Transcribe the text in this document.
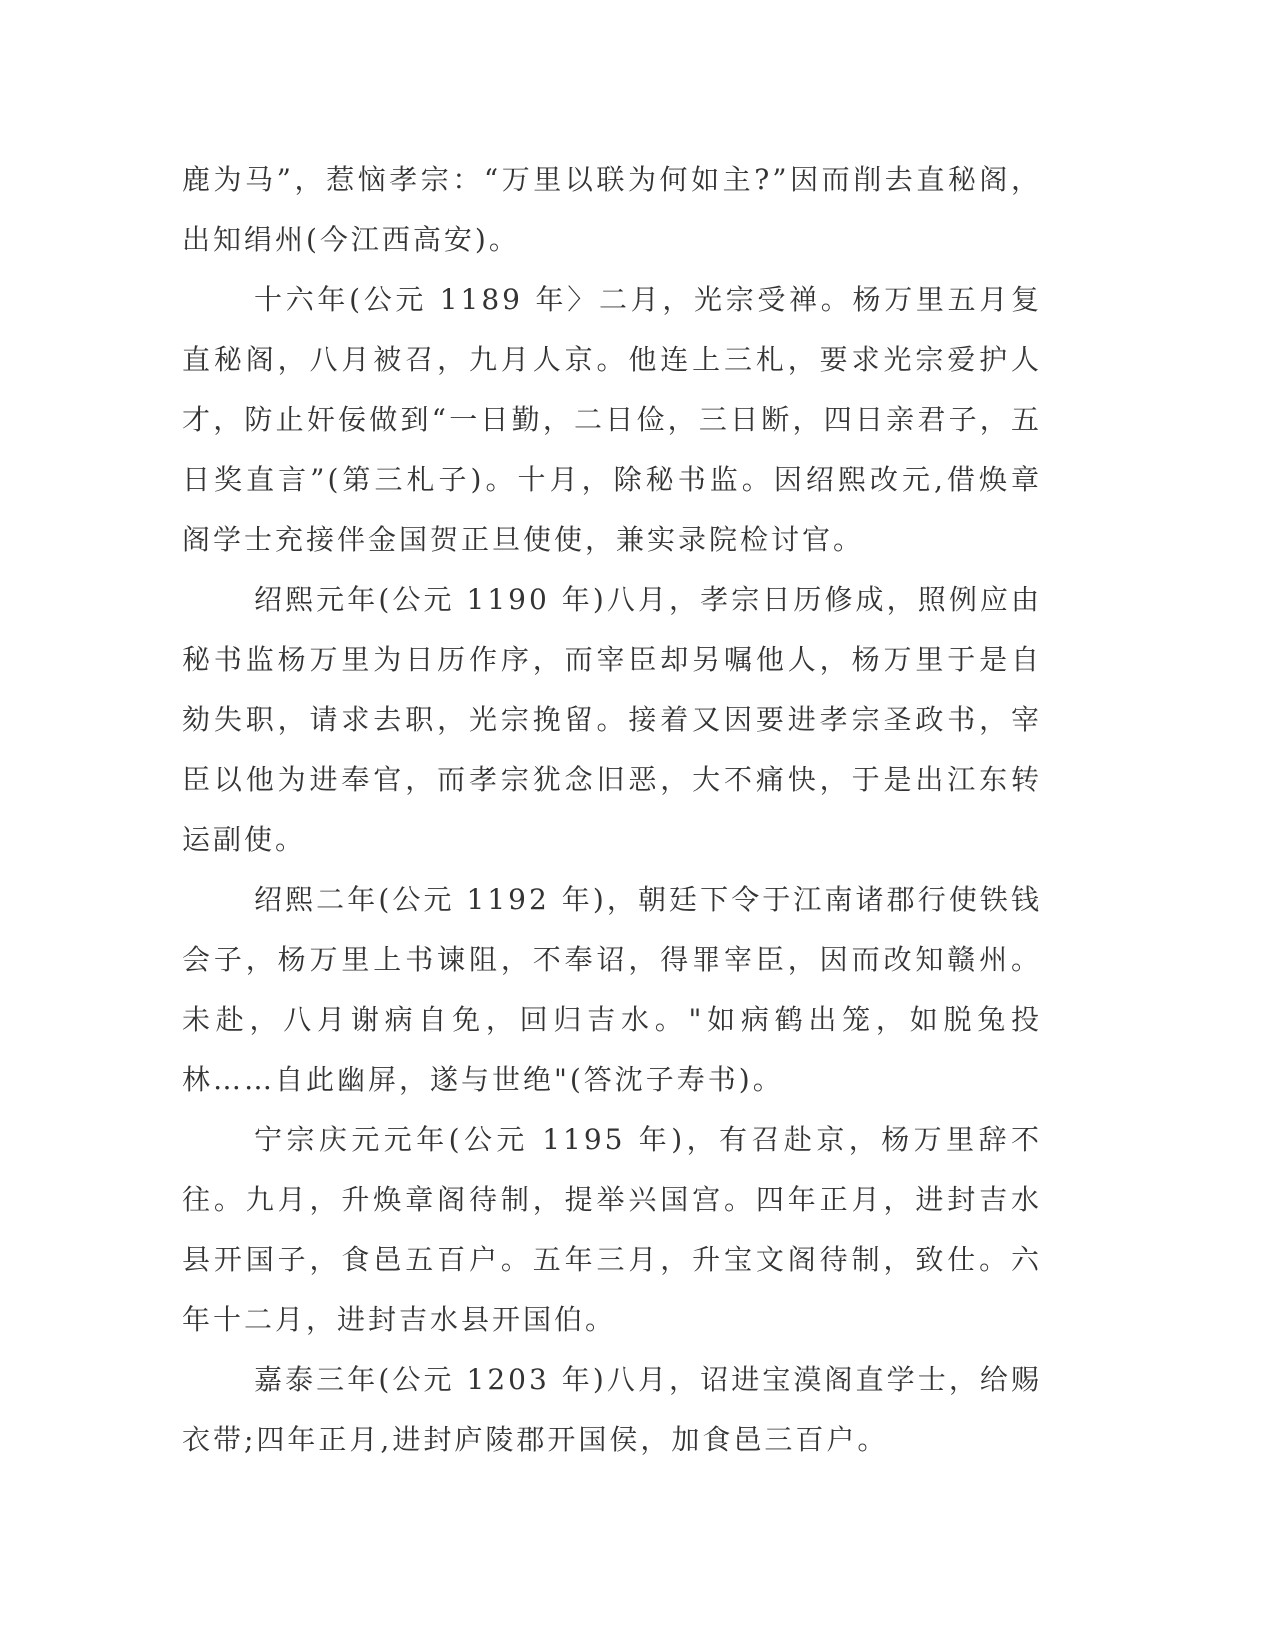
鹿为马”，惹恼孝宗：“万里以联为何如主?”因而削去直秘阁，出知绢州(今江西高安)。

十六年(公元 1189 年〉二月，光宗受禅。杨万里五月复直秘阁，八月被召，九月人京。他连上三札，要求光宗爱护人才，防止奸佞做到“一日勤，二日俭，三日断，四日亲君子，五日奖直言”(第三札子)。十月，除秘书监。因绍熙改元,借焕章阁学士充接伴金国贺正旦使使，兼实录院检讨官。

绍熙元年(公元 1190 年)八月，孝宗日历修成，照例应由秘书监杨万里为日历作序，而宰臣却另嘱他人，杨万里于是自劾失职，请求去职，光宗挽留。接着又因要进孝宗圣政书，宰臣以他为进奉官，而孝宗犹念旧恶，大不痛快，于是出江东转运副使。

绍熙二年(公元 1192 年)，朝廷下令于江南诸郡行使铁钱会子，杨万里上书谏阻，不奉诏，得罪宰臣，因而改知赣州。未赴，八月谢病自免，回归吉水。"如病鹤出笼，如脱兔投林……自此幽屏，遂与世绝"(答沈子寿书)。

宁宗庆元元年(公元 1195 年)，有召赴京，杨万里辞不往。九月，升焕章阁待制，提举兴国宫。四年正月，进封吉水县开国子，食邑五百户。五年三月，升宝文阁待制，致仕。六年十二月，进封吉水县开国伯。

嘉泰三年(公元 1203 年)八月，诏进宝漠阁直学士，给赐衣带;四年正月,进封庐陵郡开国侯，加食邑三百户。
